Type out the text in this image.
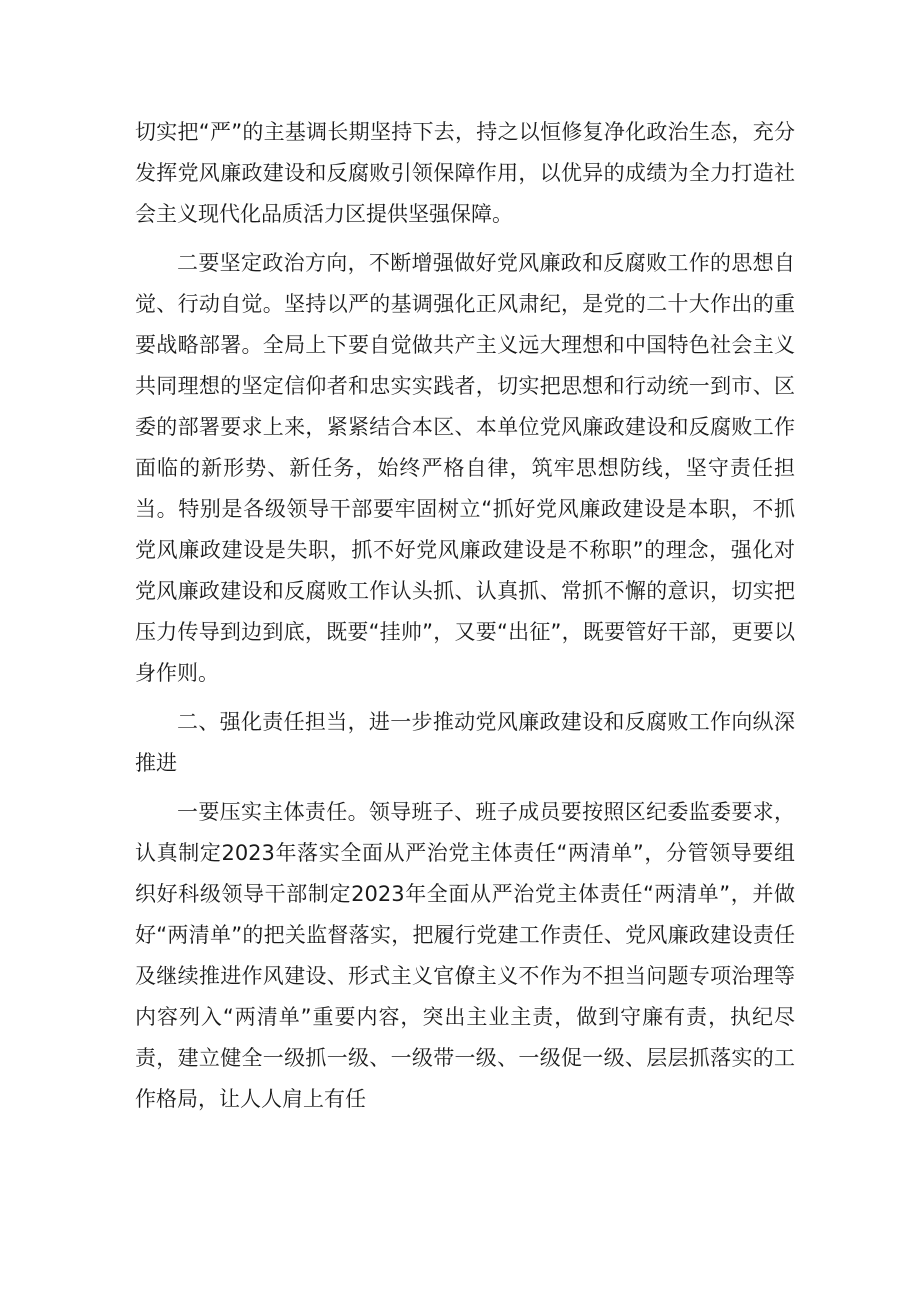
切实把“严”的主基调长期坚持下去，持之以恒修复净化政治生态，充分发挥党风廉政建设和反腐败引领保障作用，以优异的成绩为全力打造社会主义现代化品质活力区提供坚强保障。

二要坚定政治方向，不断增强做好党风廉政和反腐败工作的思想自觉、行动自觉。坚持以严的基调强化正风肃纪，是党的二十大作出的重要战略部署。全局上下要自觉做共产主义远大理想和中国特色社会主义共同理想的坚定信仰者和忠实实践者，切实把思想和行动统一到市、区委的部署要求上来，紧紧结合本区、本单位党风廉政建设和反腐败工作面临的新形势、新任务，始终严格自律，筑牢思想防线，坚守责任担当。特别是各级领导干部要牢固树立“抓好党风廉政建设是本职，不抓党风廉政建设是失职，抓不好党风廉政建设是不称职”的理念，强化对党风廉政建设和反腐败工作认头抓、认真抓、常抓不懈的意识，切实把压力传导到边到底，既要“挂帅”，又要“出征”，既要管好干部，更要以身作则。

二、强化责任担当，进一步推动党风廉政建设和反腐败工作向纵深推进

一要压实主体责任。领导班子、班子成员要按照区纪委监委要求，认真制定2023年落实全面从严治党主体责任“两清单”，分管领导要组织好科级领导干部制定2023年全面从严治党主体责任“两清单”，并做好“两清单”的把关监督落实，把履行党建工作责任、党风廉政建设责任及继续推进作风建设、形式主义官僚主义不作为不担当问题专项治理等内容列入“两清单”重要内容，突出主业主责，做到守廉有责，执纪尽责，建立健全一级抓一级、一级带一级、一级促一级、层层抓落实的工作格局，让人人肩上有任
